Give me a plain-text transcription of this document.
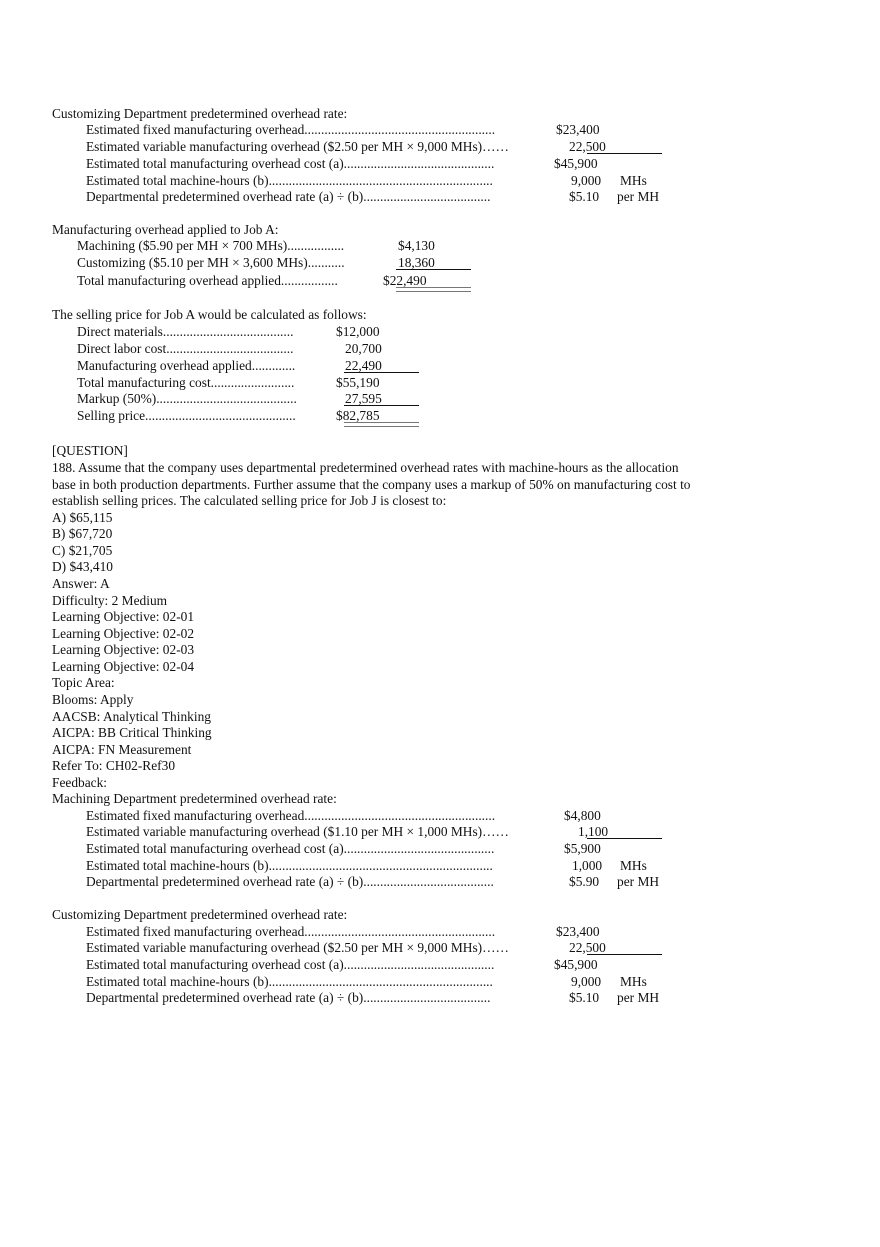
Customizing Department predetermined overhead rate:
Estimated fixed manufacturing overhead.........................................................	$23,400
Estimated variable manufacturing overhead ($2.50 per MH × 9,000 MHs)……	22,500
Estimated total manufacturing overhead cost (a).............................................	$45,900
Estimated total machine-hours (b)...................................................................	9,000 MHs
Departmental predetermined overhead rate (a) ÷ (b)......................................	$5.10 per MH
Manufacturing overhead applied to Job A:
Machining ($5.90 per MH × 700 MHs).................	$4,130
Customizing ($5.10 per MH × 3,600 MHs)...........	18,360
Total manufacturing overhead applied.................	$22,490
The selling price for Job A would be calculated as follows:
Direct materials.......................................	$12,000
Direct labor cost......................................	20,700
Manufacturing overhead applied.............	22,490
Total manufacturing cost.........................	$55,190
Markup (50%)..........................................	27,595
Selling price.............................................	$82,785
[QUESTION]
188. Assume that the company uses departmental predetermined overhead rates with machine-hours as the allocation
base in both production departments. Further assume that the company uses a markup of 50% on manufacturing cost to
establish selling prices. The calculated selling price for Job J is closest to:
A) $65,115
B) $67,720
C) $21,705
D) $43,410
Answer: A
Difficulty: 2 Medium
Learning Objective: 02-01
Learning Objective: 02-02
Learning Objective: 02-03
Learning Objective: 02-04
Topic Area:
Blooms: Apply
AACSB: Analytical Thinking
AICPA: BB Critical Thinking
AICPA: FN Measurement
Refer To: CH02-Ref30
Feedback:
Machining Department predetermined overhead rate:
Estimated fixed manufacturing overhead.........................................................	$4,800
Estimated variable manufacturing overhead ($1.10 per MH × 1,000 MHs)……	1,100
Estimated total manufacturing overhead cost (a).............................................	$5,900
Estimated total machine-hours (b)...................................................................	1,000 MHs
Departmental predetermined overhead rate (a) ÷ (b).......................................	$5.90 per MH
Customizing Department predetermined overhead rate:
Estimated fixed manufacturing overhead.........................................................	$23,400
Estimated variable manufacturing overhead ($2.50 per MH × 9,000 MHs)……	22,500
Estimated total manufacturing overhead cost (a).............................................	$45,900
Estimated total machine-hours (b)...................................................................	9,000 MHs
Departmental predetermined overhead rate (a) ÷ (b)......................................	$5.10 per MH
